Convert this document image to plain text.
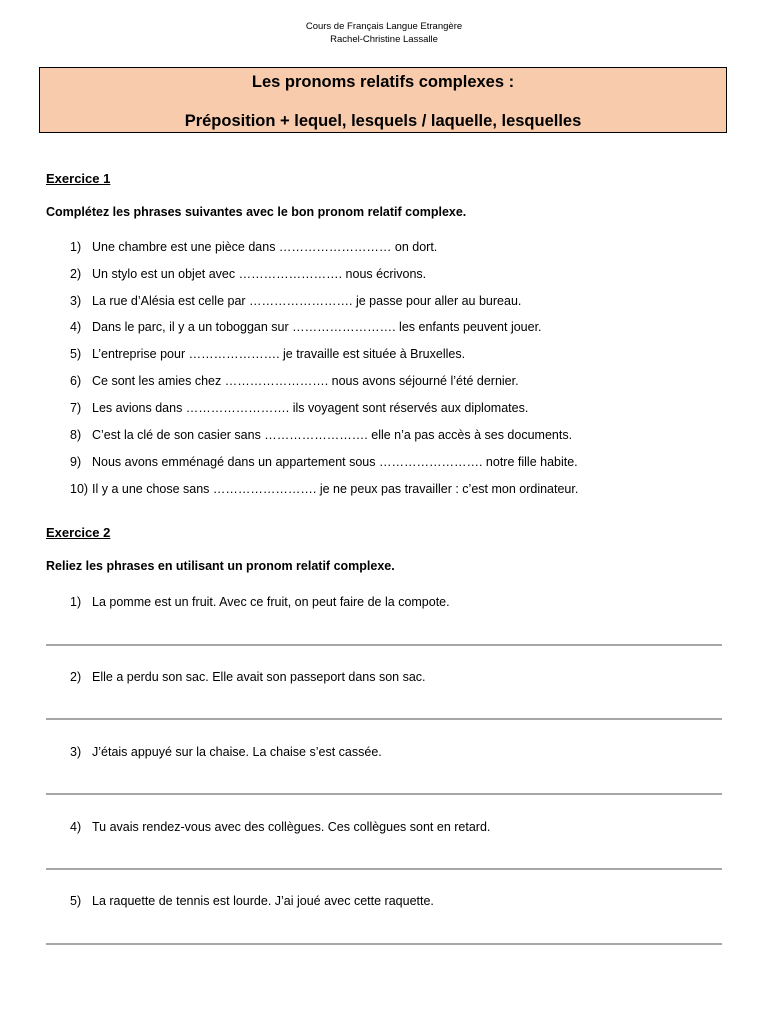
Cours de Français Langue Etrangère
Rachel-Christine Lassalle
Les pronoms relatifs complexes :
Préposition + lequel, lesquels / laquelle, lesquelles
Exercice 1
Complétez les phrases suivantes avec le bon pronom relatif complexe.
1) Une chambre est une pièce dans ……………………… on dort.
2) Un stylo est un objet avec ……………………. nous écrivons.
3) La rue d’Alésia est celle par ……………………. je passe pour aller au bureau.
4) Dans le parc, il y a un toboggan sur ……………………. les enfants peuvent jouer.
5) L’entreprise pour …………………. je travaille est située à Bruxelles.
6) Ce sont les amies chez ……………………. nous avons séjourné l’été dernier.
7) Les avions dans ……………………. ils voyagent sont réservés aux diplomates.
8) C’est la clé de son casier sans ……………………. elle n’a pas accès à ses documents.
9) Nous avons emménagé dans un appartement sous ……………………. notre fille habite.
10) Il y a une chose sans ……………………. je ne peux pas travailler : c’est mon ordinateur.
Exercice 2
Reliez les phrases en utilisant un pronom relatif complexe.
1) La pomme est un fruit. Avec ce fruit, on peut faire de la compote.
2) Elle a perdu son sac. Elle avait son passeport dans son sac.
3) J’étais appuyé sur la chaise. La chaise s’est cassée.
4) Tu avais rendez-vous avec des collègues. Ces collègues sont en retard.
5) La raquette de tennis est lourde. J’ai joué avec cette raquette.
